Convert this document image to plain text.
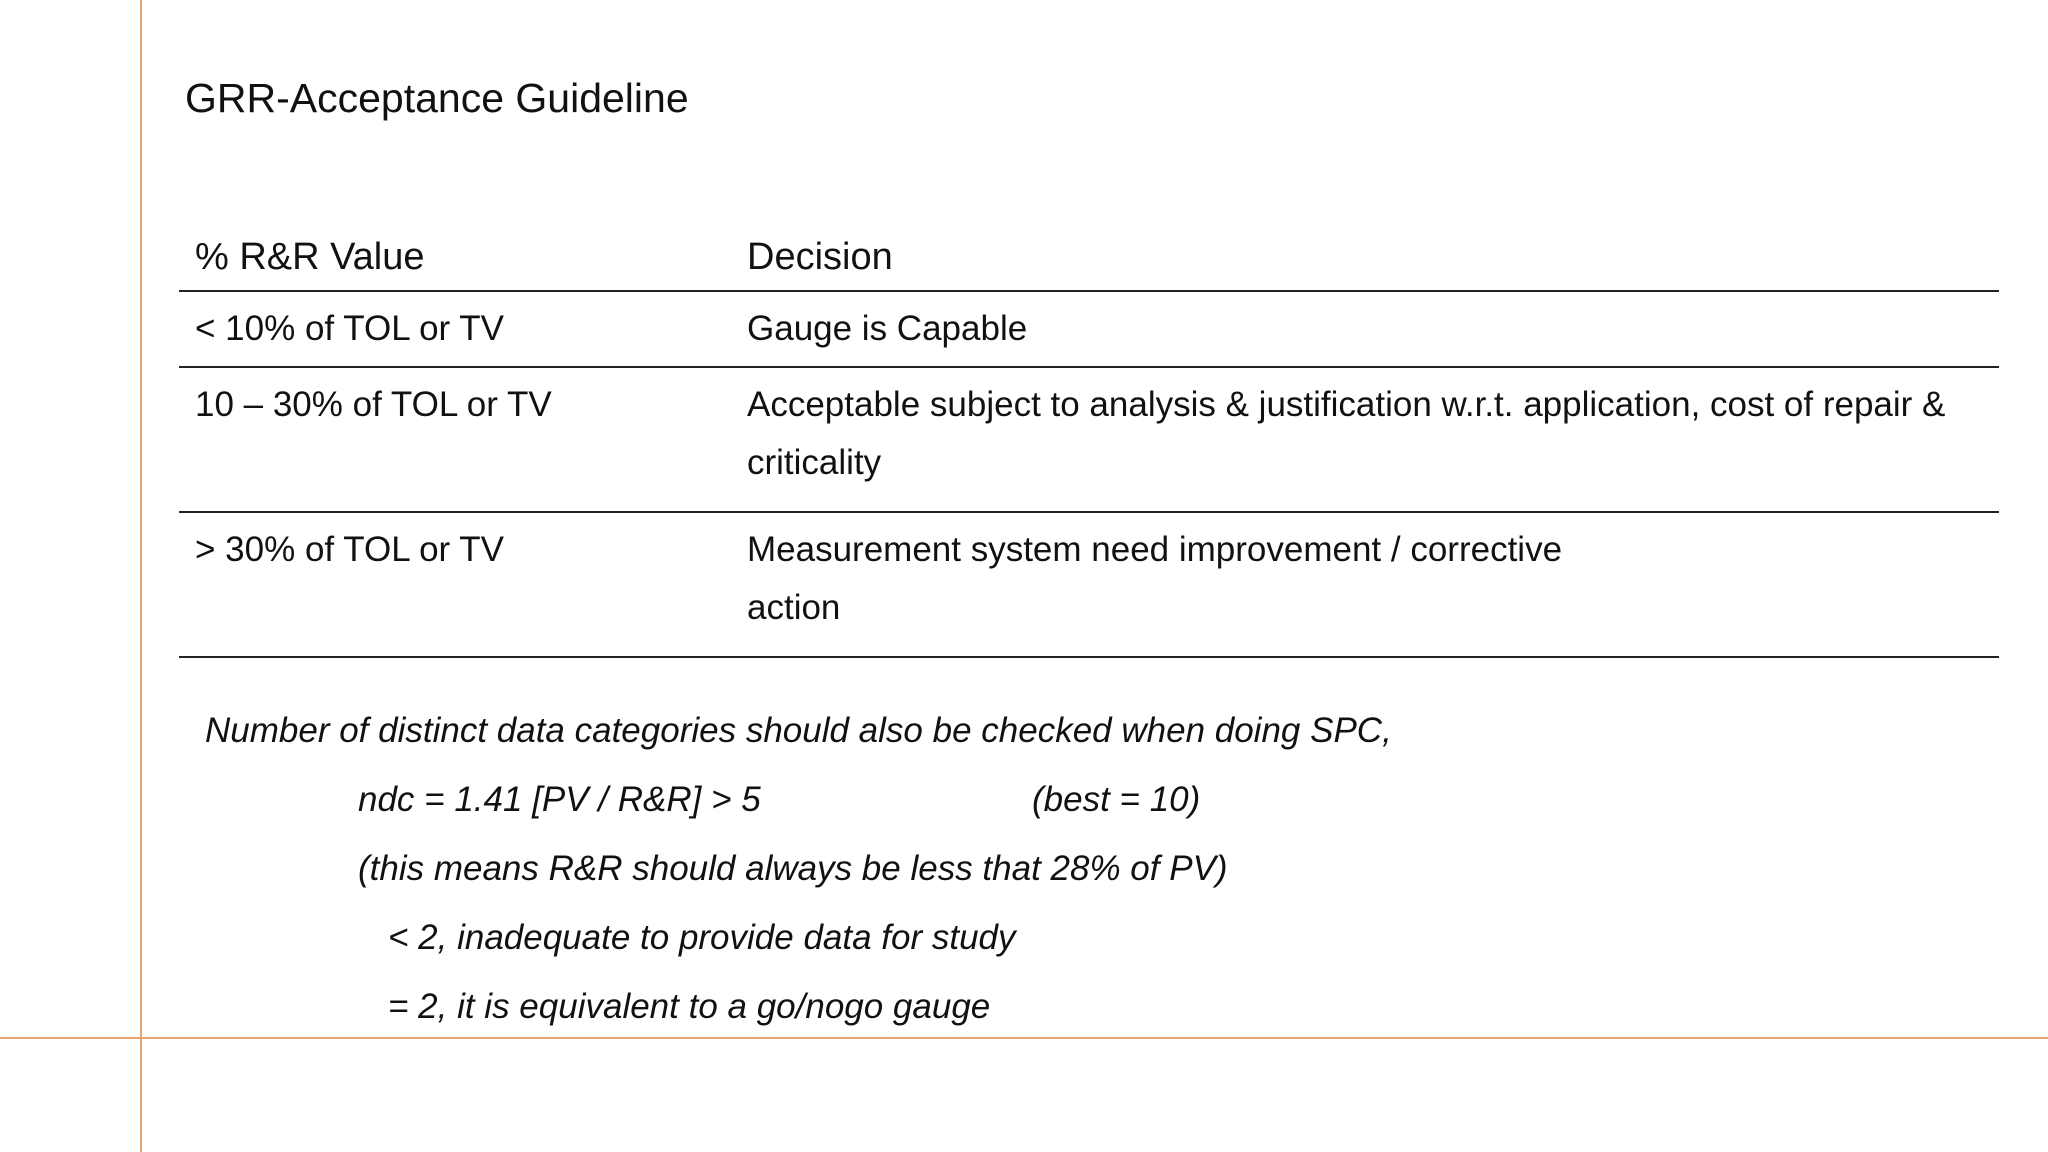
GRR-Acceptance Guideline
% R&R Value	Decision
< 10% of TOL or TV	Gauge is Capable
10 – 30% of TOL or TV	Acceptable subject to analysis & justification w.r.t. application, cost of repair & criticality
> 30% of TOL or TV	Measurement system need improvement / corrective action
Number of distinct data categories should also be checked when doing SPC,
ndc = 1.41 [PV / R&R] > 5	(best = 10)
(this means R&R should always be less that 28% of PV)
< 2, inadequate to provide data for study
= 2, it is equivalent to a go/nogo gauge
